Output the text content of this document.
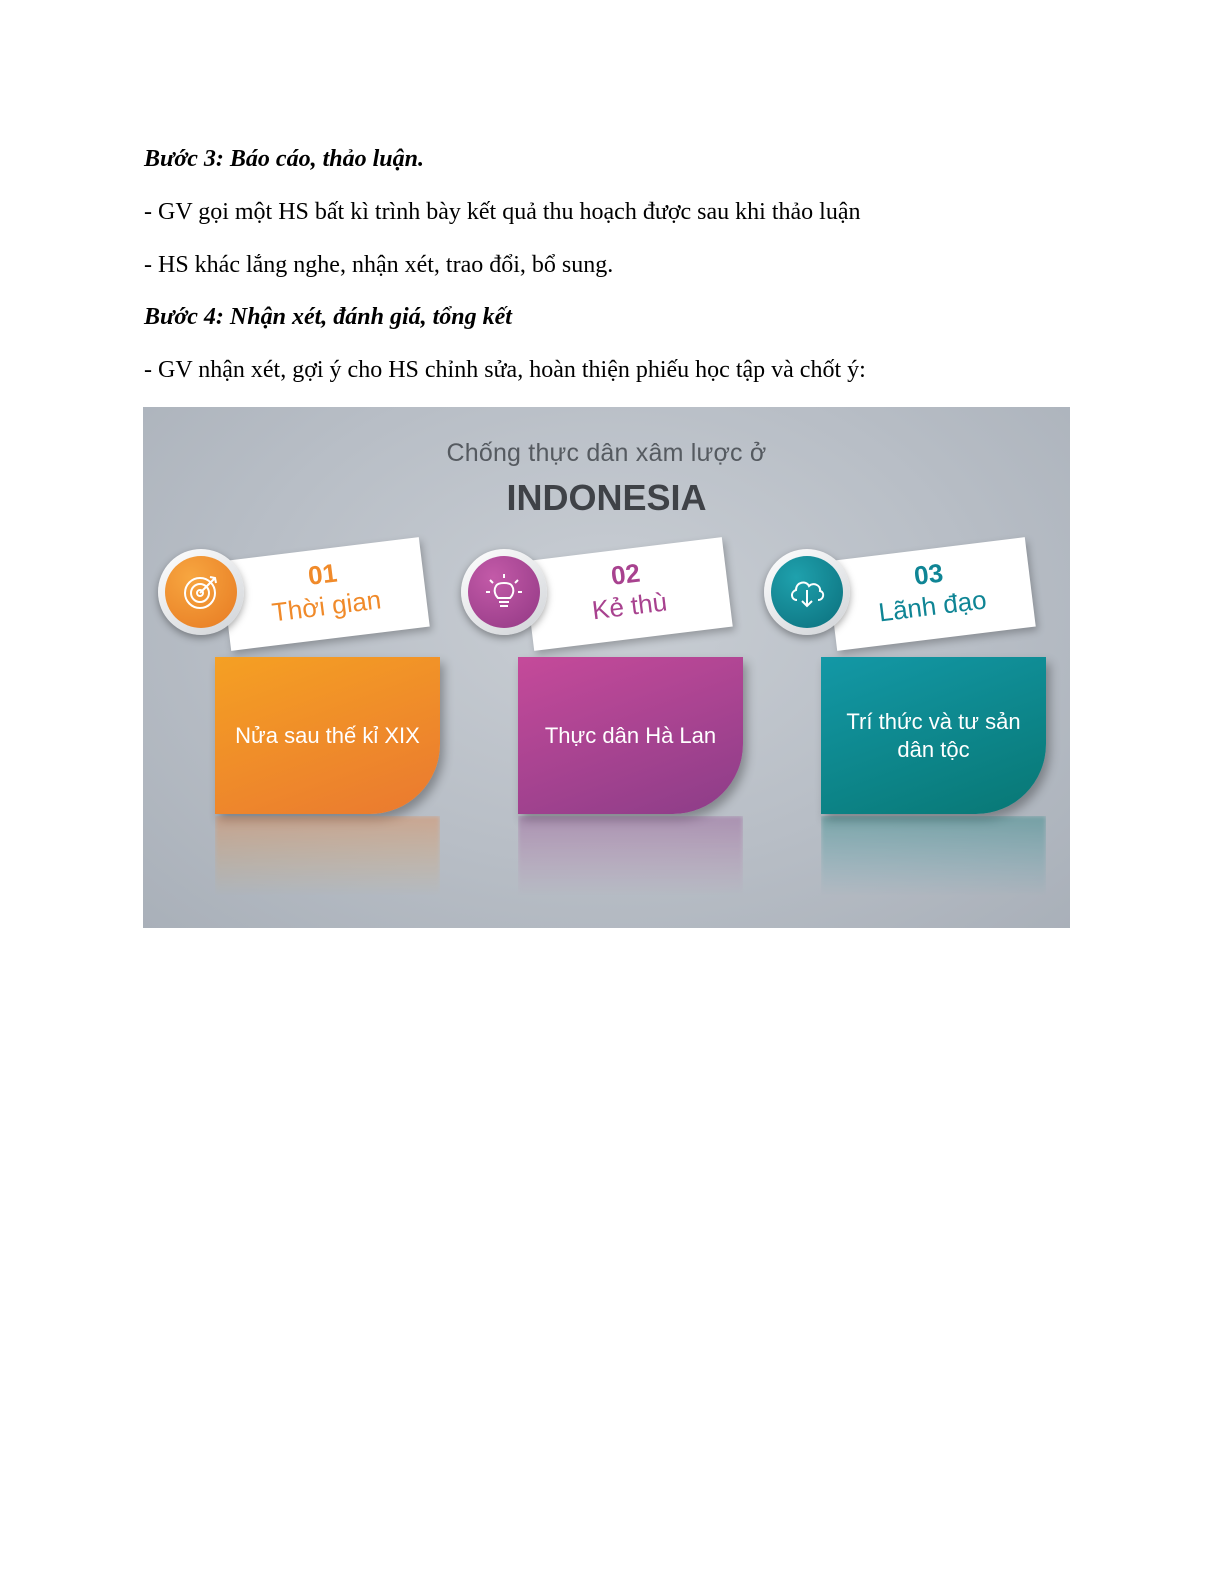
Bước 3: Báo cáo, thảo luận.
- GV gọi một HS bất kì trình bày kết quả thu hoạch được sau khi thảo luận
- HS khác lắng nghe, nhận xét, trao đổi, bổ sung.
Bước 4: Nhận xét, đánh giá, tổng kết
- GV nhận xét, gợi ý cho HS chỉnh sửa, hoàn thiện phiếu học tập và chốt ý:
Chống thực dân xâm lược ở
INDONESIA
01
Thời gian
Nửa sau thế kỉ XIX
02
Kẻ thù
Thực dân Hà Lan
03
Lãnh đạo
Trí thức và tư sản dân tộc
